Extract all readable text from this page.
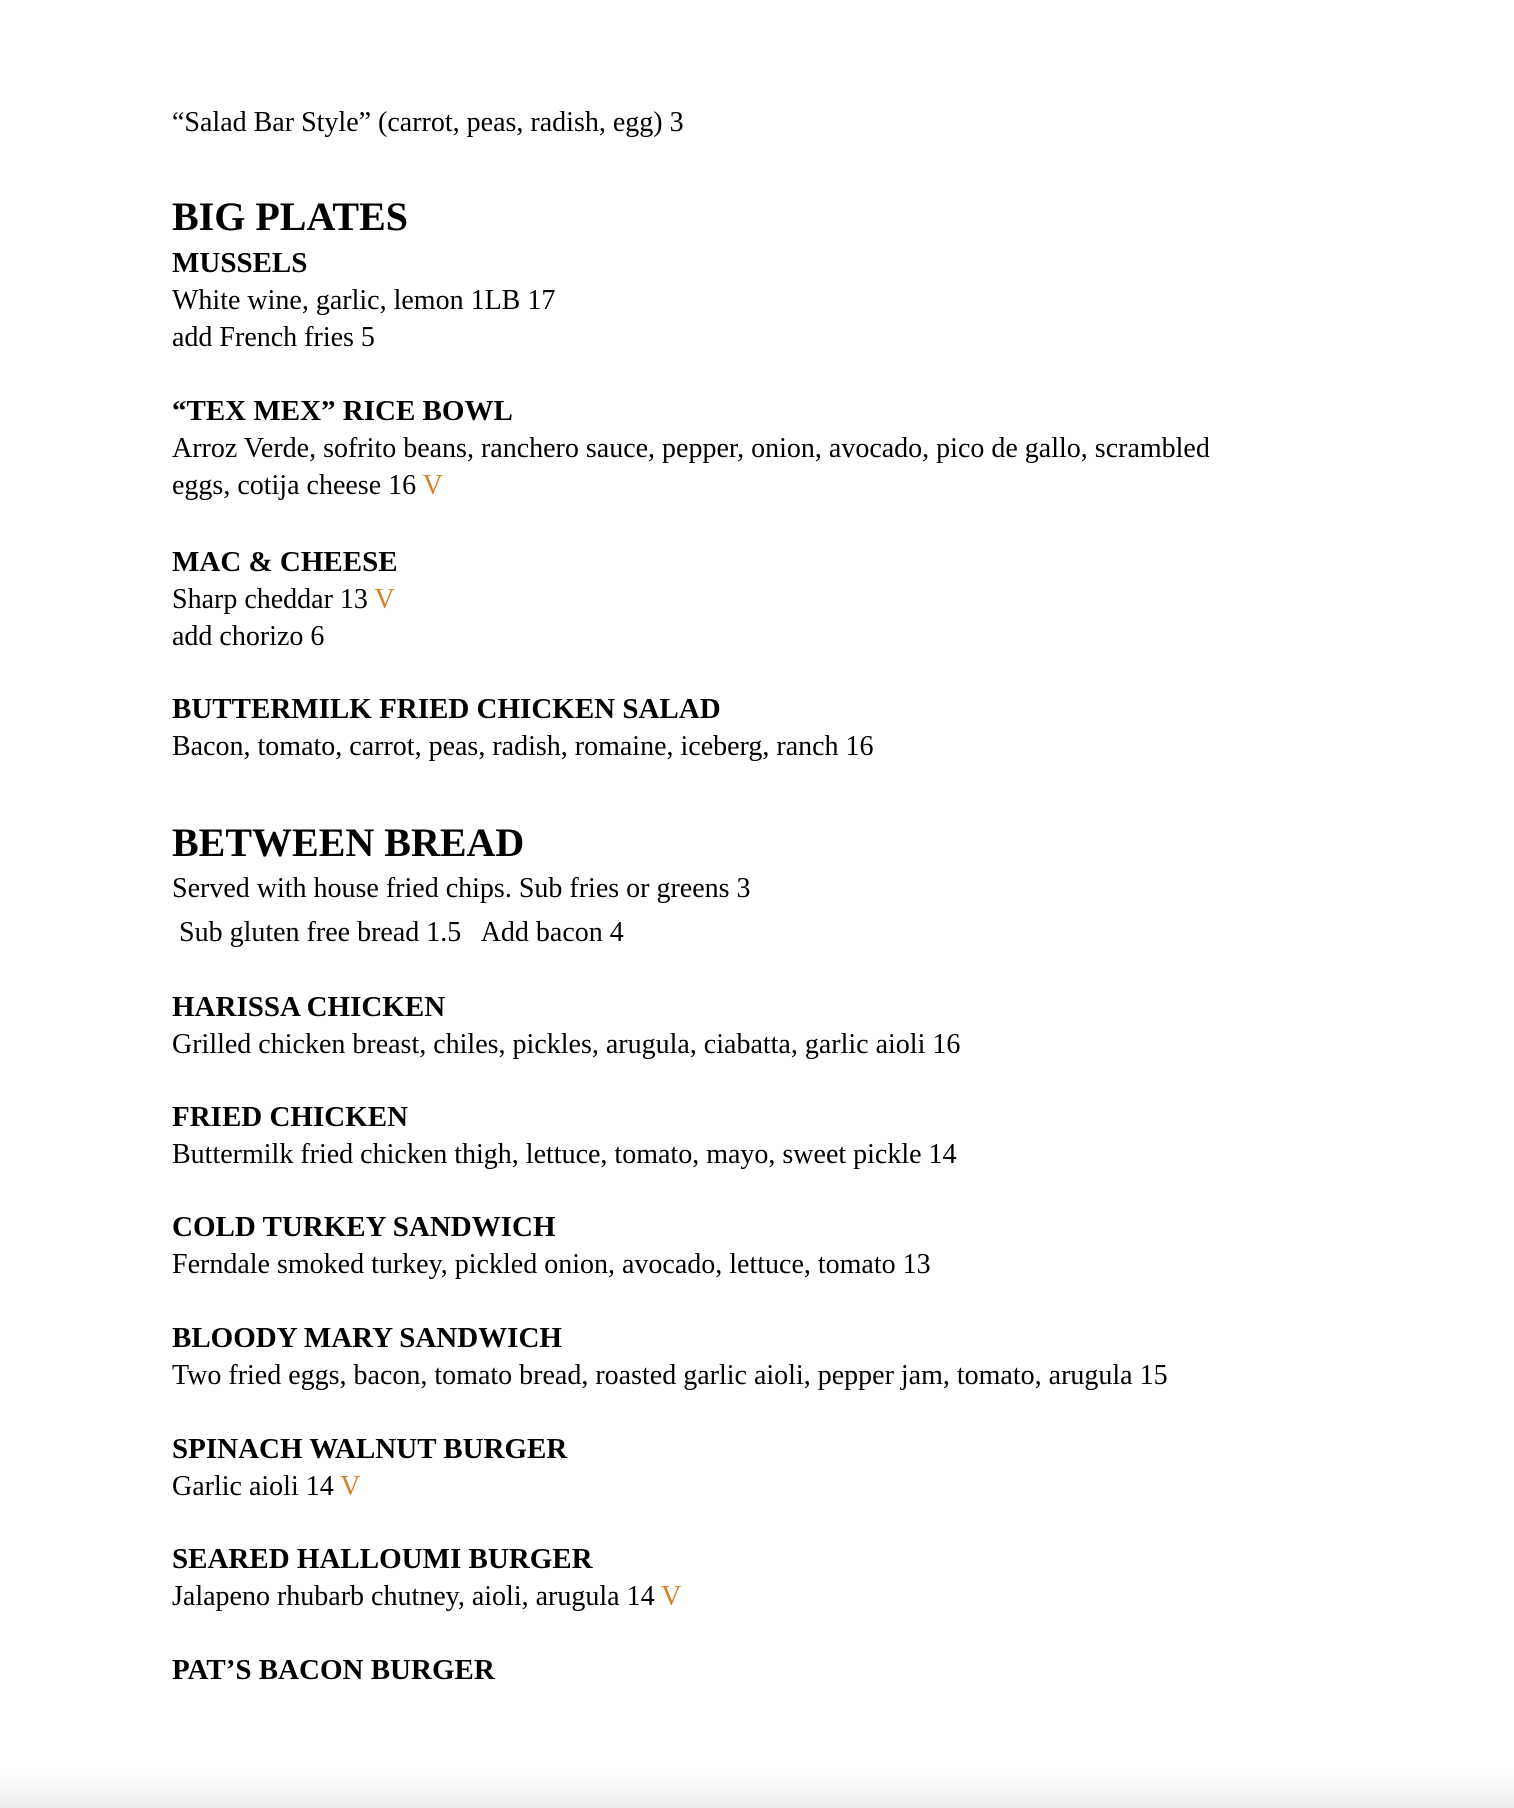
“Salad Bar Style” (carrot, peas, radish, egg) 3
BIG PLATES
MUSSELS
White wine, garlic, lemon 1LB 17
add French fries 5
“TEX MEX” RICE BOWL
Arroz Verde, sofrito beans, ranchero sauce, pepper, onion, avocado, pico de gallo, scrambled
eggs, cotija cheese 16 V
MAC & CHEESE
Sharp cheddar 13 V
add chorizo 6
BUTTERMILK FRIED CHICKEN SALAD
Bacon, tomato, carrot, peas, radish, romaine, iceberg, ranch 16
BETWEEN BREAD
Served with house fried chips. Sub fries or greens 3
Sub gluten free bread 1.5   Add bacon 4
HARISSA CHICKEN
Grilled chicken breast, chiles, pickles, arugula, ciabatta, garlic aioli 16
FRIED CHICKEN
Buttermilk fried chicken thigh, lettuce, tomato, mayo, sweet pickle 14
COLD TURKEY SANDWICH
Ferndale smoked turkey, pickled onion, avocado, lettuce, tomato 13
BLOODY MARY SANDWICH
Two fried eggs, bacon, tomato bread, roasted garlic aioli, pepper jam, tomato, arugula 15
SPINACH WALNUT BURGER
Garlic aioli 14 V
SEARED HALLOUMI BURGER
Jalapeno rhubarb chutney, aioli, arugula 14 V
PAT’S BACON BURGER
